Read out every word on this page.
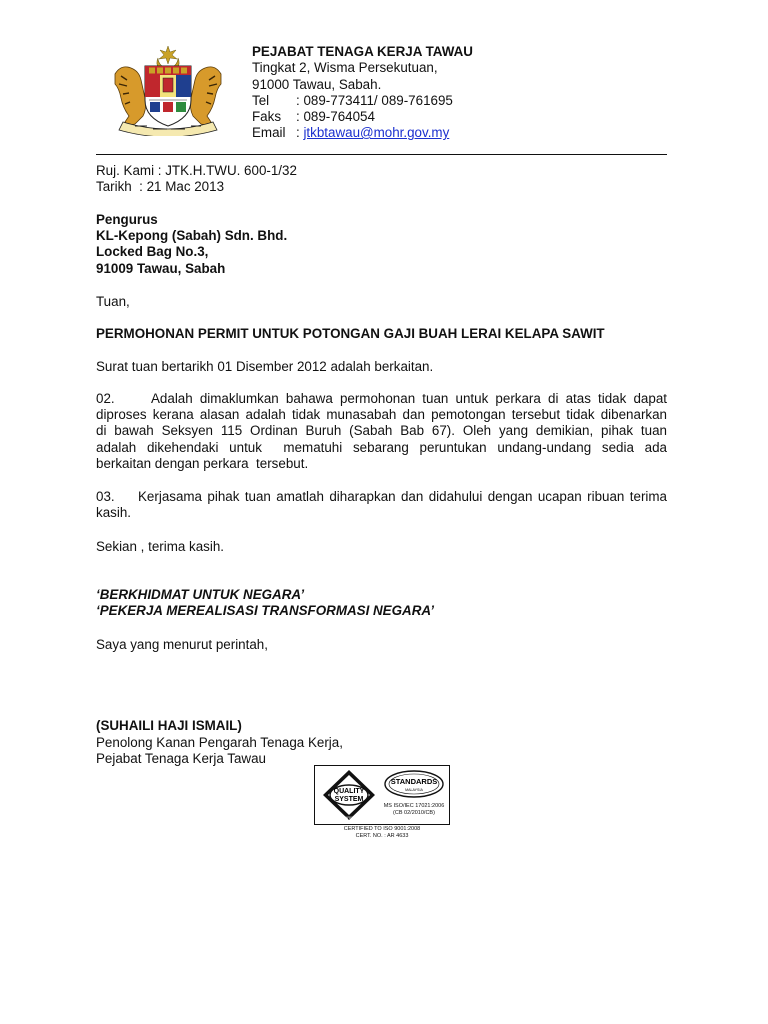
PEJABAT TENAGA KERJA TAWAU
Tingkat 2, Wisma Persekutuan,
91000 Tawau, Sabah.
Tel : 089-773411/ 089-761695
Faks : 089-764054
Email : jtkbtawau@mohr.gov.my
Ruj. Kami : JTK.H.TWU. 600-1/32
Tarikh  : 21 Mac 2013
Pengurus
KL-Kepong (Sabah) Sdn. Bhd.
Locked Bag No.3,
91009 Tawau, Sabah
Tuan,
PERMOHONAN PERMIT UNTUK POTONGAN GAJI BUAH LERAI KELAPA SAWIT
Surat tuan bertarikh 01 Disember 2012 adalah berkaitan.
02.	Adalah dimaklumkan bahawa permohonan tuan untuk perkara di atas tidak dapat
diproses kerana alasan adalah tidak munasabah dan pemotongan tersebut tidak dibenarkan
di bawah Seksyen 115 Ordinan Buruh (Sabah Bab 67). Oleh yang demikian, pihak tuan
adalah dikehendaki untuk  mematuhi sebarang peruntukan undang-undang sedia ada
berkaitan dengan perkara  tersebut.
03. Kerjasama pihak tuan amatlah diharapkan dan didahului dengan ucapan ribuan terima
kasih.
Sekian , terima kasih.
‘BERKHIDMAT UNTUK NEGARA’
‘PEKERJA MEREALISASI TRANSFORMASI NEGARA’
Saya yang menurut perintah,
(SUHAILI HAJI ISMAIL)
Penolong Kanan Pengarah Tenaga Kerja,
Pejabat Tenaga Kerja Tawau
QUALITY
SYSTEM
SIRIM
STANDARDS
MALAYSIA
MS ISO/IEC 17021:2006
(CB 02/2010/CB)
CERTIFIED TO ISO 9001:2008
CERT. NO. : AR 4633
